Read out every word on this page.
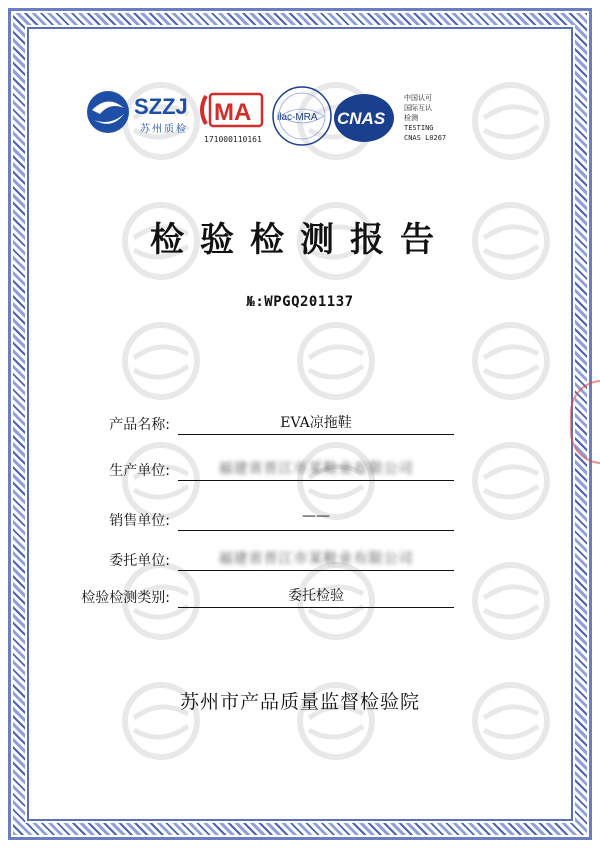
SZZJ
苏州质检
MA
171000110161
ilac-MRA CNAS
中国认可
国际互认
检测
TESTING
CNAS L0267
检验检测报告
№:WPGQ201137
产品名称:	EVA凉拖鞋
生产单位:	福建省晋江市某鞋业有限公司
销售单位:	——
委托单位:	福建省晋江市某鞋业有限公司
检验检测类别:	委托检验
苏州市产品质量监督检验院
